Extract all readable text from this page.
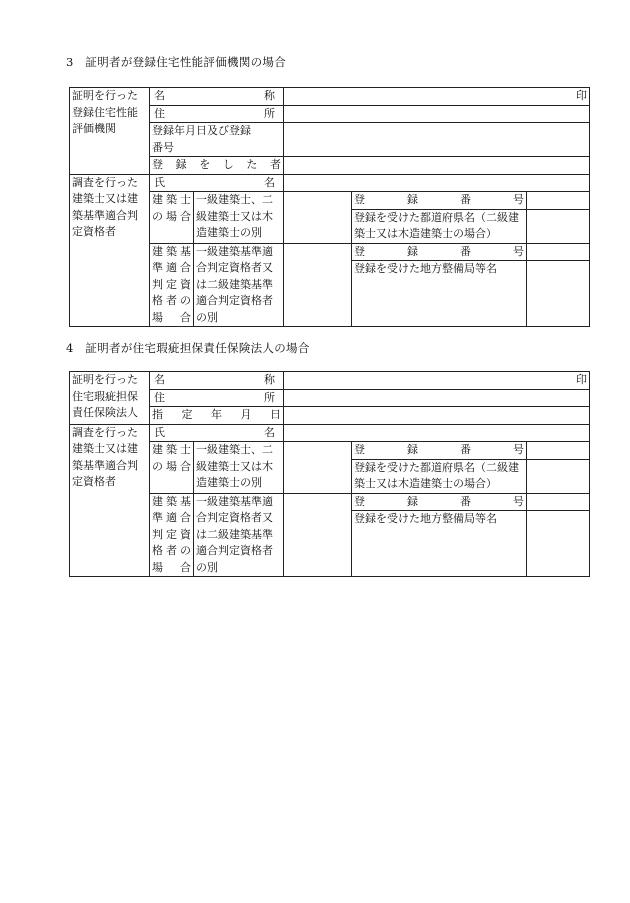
3　証明者が登録住宅性能評価機関の場合
証明を行った登録住宅性能評価機関	名　　称		印		
	住　　所				
	登録年月日及び登録番号				
	登録をした者				

調査を行った建築士又は建築基準適合判定資格者	氏　　名				
	建築士の場合	一級建築士、二級建築士又は木造建築士の別		登録番号	
				登録を受けた都道府県名（二級建築士又は木造建築士の場合）	
	建築基準適合判定資格者の場合	一級建築基準適合判定資格者又は二級建築基準適合判定資格者の別		登録番号	
				登録を受けた地方整備局等名	
4　証明者が住宅瑕疵担保責任保険法人の場合
証明を行った住宅瑕疵担保責任保険法人	名　　称		印		
	住　　所				
	指定年月日				
調査を行った建築士又は建築基準適合判定資格者	氏　　名				
	建築士の場合	一級建築士、二級建築士又は木造建築士の別		登録番号	
				登録を受けた都道府県名（二級建築士又は木造建築士の場合）	
	建築基準適合判定資格者の場合	一級建築基準適合判定資格者又は二級建築基準適合判定資格者の別		登録番号	
				登録を受けた地方整備局等名	
